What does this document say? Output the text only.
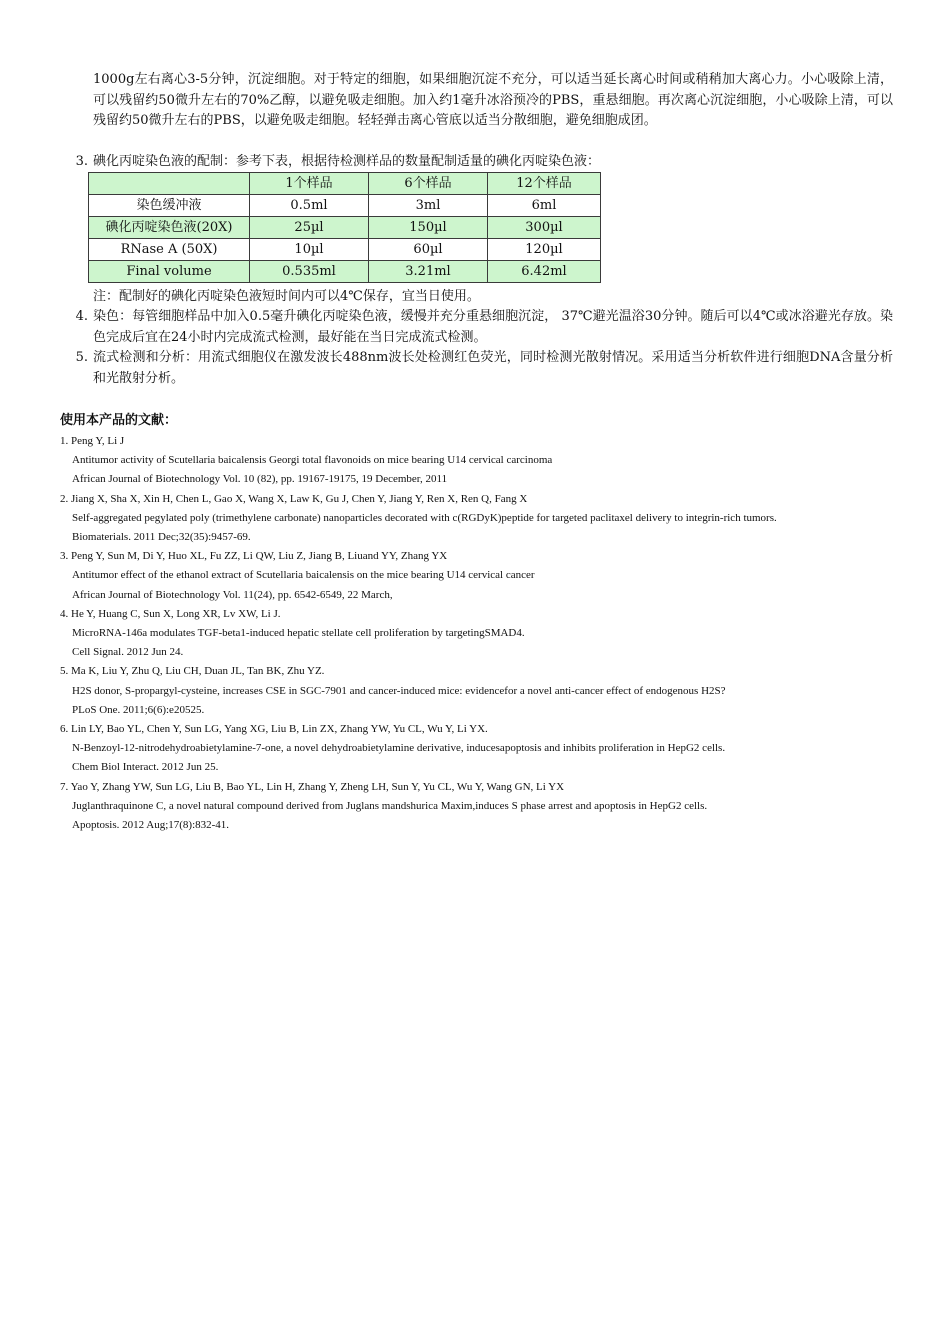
1000g左右离心3-5分钟，沉淀细胞。对于特定的细胞，如果细胞沉淀不充分，可以适当延长离心时间或稍稍加大离心力。小心吸除上清，可以残留约50微升左右的70%乙醇，以避免吸走细胞。加入约1毫升冰浴预冷的PBS，重悬细胞。再次离心沉淀细胞，小心吸除上清，可以残留约50微升左右的PBS，以避免吸走细胞。轻轻弹击离心管底以适当分散细胞，避免细胞成团。
3. 碘化丙啶染色液的配制：参考下表，根据待检测样品的数量配制适量的碘化丙啶染色液：
	1个样品	6个样品	12个样品
染色缓冲液	0.5ml	3ml	6ml
碘化丙啶染色液(20X)	25µl	150µl	300µl
RNase A (50X)	10µl	60µl	120µl
Final volume	0.535ml	3.21ml	6.42ml
注：配制好的碘化丙啶染色液短时间内可以4℃保存，宜当日使用。
4. 染色：每管细胞样品中加入0.5毫升碘化丙啶染色液，缓慢并充分重悬细胞沉淀， 37℃避光温浴30分钟。随后可以4℃或冰浴避光存放。染色完成后宜在24小时内完成流式检测，最好能在当日完成流式检测。
5. 流式检测和分析：用流式细胞仪在激发波长488nm波长处检测红色荧光，同时检测光散射情况。采用适当分析软件进行细胞DNA含量分析和光散射分析。
使用本产品的文献：
1. Peng Y, Li J
Antitumor activity of Scutellaria baicalensis Georgi total flavonoids on mice bearing U14 cervical carcinoma
African Journal of Biotechnology Vol. 10 (82), pp. 19167-19175, 19 December, 2011
2. Jiang X, Sha X, Xin H, Chen L, Gao X, Wang X, Law K, Gu J, Chen Y, Jiang Y, Ren X, Ren Q, Fang X
Self-aggregated pegylated poly (trimethylene carbonate) nanoparticles decorated with c(RGDyK)peptide for targeted paclitaxel delivery to integrin-rich tumors.
Biomaterials. 2011 Dec;32(35):9457-69.
3. Peng Y, Sun M, Di Y, Huo XL, Fu ZZ, Li QW, Liu Z, Jiang B, Liuand YY, Zhang YX
Antitumor effect of the ethanol extract of Scutellaria baicalensis on the mice bearing U14 cervical cancer
African Journal of Biotechnology Vol. 11(24), pp. 6542-6549, 22 March,
4. He Y, Huang C, Sun X, Long XR, Lv XW, Li J.
MicroRNA-146a modulates TGF-beta1-induced hepatic stellate cell proliferation by targetingSMAD4.
Cell Signal. 2012 Jun 24.
5. Ma K, Liu Y, Zhu Q, Liu CH, Duan JL, Tan BK, Zhu YZ.
H2S donor, S-propargyl-cysteine, increases CSE in SGC-7901 and cancer-induced mice: evidencefor a novel anti-cancer effect of endogenous H2S?
PLoS One. 2011;6(6):e20525.
6. Lin LY, Bao YL, Chen Y, Sun LG, Yang XG, Liu B, Lin ZX, Zhang YW, Yu CL, Wu Y, Li YX.
N-Benzoyl-12-nitrodehydroabietylamine-7-one, a novel dehydroabietylamine derivative, inducesapoptosis and inhibits proliferation in HepG2 cells.
Chem Biol Interact. 2012 Jun 25.
7. Yao Y, Zhang YW, Sun LG, Liu B, Bao YL, Lin H, Zhang Y, Zheng LH, Sun Y, Yu CL, Wu Y, Wang GN, Li YX
Juglanthraquinone C, a novel natural compound derived from Juglans mandshurica Maxim,induces S phase arrest and apoptosis in HepG2 cells.
Apoptosis. 2012 Aug;17(8):832-41.
